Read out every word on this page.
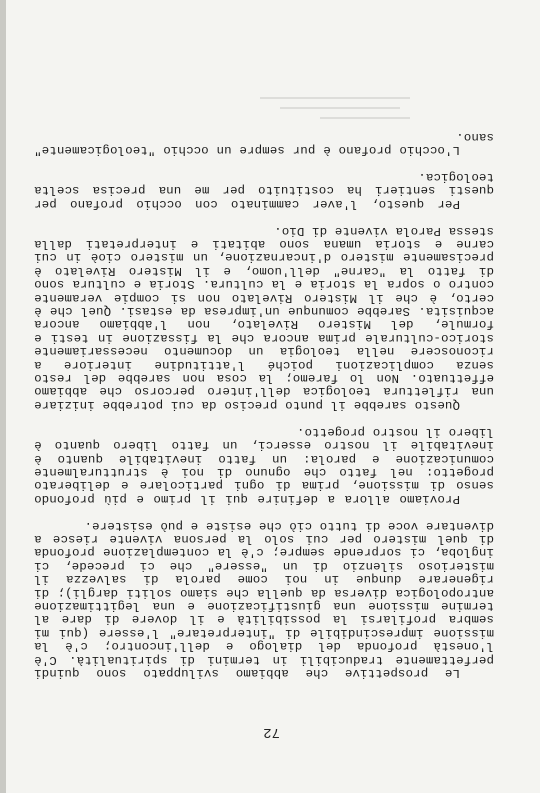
72

Le prospettive che abbiamo sviluppato sono quindi perfettamente traducibili in termini di spiritualità. C'è l'onestà profonda del dialogo e dell'incontro; c'è la missione imprescindibile di "interpretare" l'essere (qui mi sembra profilarsi la possibilità e il dovere di dare al termine missione una giustificazione e una legittimazione antropologica diversa da quella che siamo soliti dargli); di rigenerare dunque in noi come parola di salvezza il misterioso silenzio di un "essere" che ci precede, ci ingloba, ci sorprende sempre; c'è la contemplazione profonda di quel mistero per cui solo la persona vivente riesce a diventare voce di tutto ciò che esiste e può esistere.

Proviamo allora a definire qui il primo e più profondo senso di missione, prima di ogni particolare e deliberato progetto: nel fatto che ognuno di noi è strutturalmente comunicazione e parola: un fatto inevitabile quanto è inevitabile il nostro esserci, un fatto libero quanto è libero il nostro progetto.

Questo sarebbe il punto preciso da cui potrebbe iniziare una riflettura teologica dell'intero percorso che abbiamo effettuato. Non lo faremo; la cosa non sarebbe del resto senza complicazioni poiché l'attitudine interiore a riconoscere nella teologia un documento necessariamente storico-culturale prima ancora che la fissazione in testi e formule, del Mistero Rivelato, non l'abbiamo ancora acquisita. Sarebbe comunque un'impresa da estasi. Quel che è certo, è che il Mistero Rivelato non si compie veramente contro o sopra la storia e la cultura. Storia e cultura sono di fatto la "carne" dell'uomo, e il Mistero Rivelato è precisamente mistero d'incarnazione, un mistero cioè in cui carne e storia umana sono abitati e interpretati dalla stessa Parola vivente di Dio.

Per questo, l'aver camminato con occhio profano per questi sentieri ha costituito per me una precisa scelta teologica.

L'occhio profano è pur sempre un occhio "teologicamente" sano.
